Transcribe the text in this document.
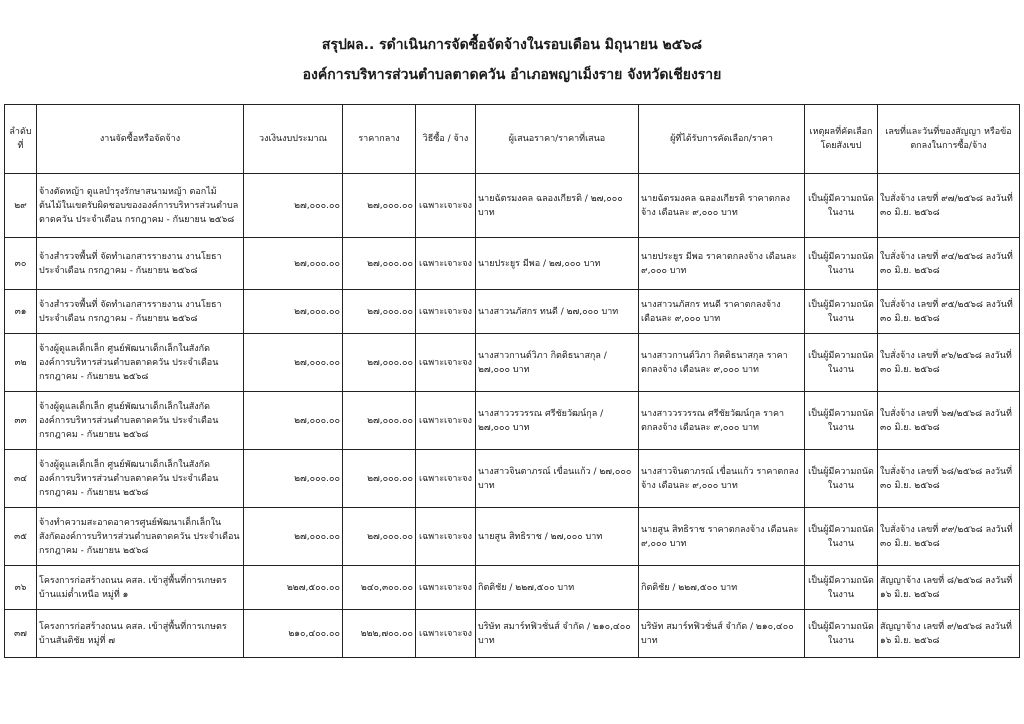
สรุปผล.. รดำเนินการจัดซื้อจัดจ้างในรอบเดือน มิถุนายน ๒๕๖๘
องค์การบริหารส่วนตำบลตาดควัน อำเภอพญาเม็งราย จังหวัดเชียงราย
ลำดับที่	งานจัดซื้อหรือจัดจ้าง	วงเงินงบประมาณ	ราคากลาง	วิธีซื้อ / จ้าง	ผู้เสนอราคา/ราคาที่เสนอ	ผู้ที่ได้รับการคัดเลือก/ราคา	เหตุผลที่คัดเลือก โดยสังเขป	เลขที่และวันที่ของสัญญา หรือข้อตกลงในการซื้อ/จ้าง
๒๙	จ้างตัดหญ้า ดูแลบำรุงรักษาสนามหญ้า ตอกไม้ ต้นไม้ในเขตรับผิดชอบขององค์การบริหารส่วนตำบลตาดควัน ประจำเดือน กรกฎาคม - กันยายน ๒๕๖๘	๒๗,๐๐๐.๐๐	๒๗,๐๐๐.๐๐	เฉพาะเจาะจง	นายฉัตรมงคล ฉลองเกียรติ / ๒๗,๐๐๐ บาท	นายฉัตรมงคล ฉลองเกียรติ ราคาตกลงจ้าง เดือนละ ๙,๐๐๐ บาท	เป็นผู้มีความถนัดในงาน	ใบสั่งจ้าง เลขที่ ๙๗/๒๕๖๘ ลงวันที่ ๓๐ มิ.ย. ๒๕๖๘
๓๐	จ้างสำรวจพื้นที่ จัดทำเอกสารรายงาน งานโยธา ประจำเดือน กรกฎาคม - กันยายน ๒๕๖๘	๒๗,๐๐๐.๐๐	๒๗,๐๐๐.๐๐	เฉพาะเจาะจง	นายประยูร มีพอ / ๒๗,๐๐๐ บาท	นายประยูร มีพอ ราคาตกลงจ้าง เดือนละ ๙,๐๐๐ บาท	เป็นผู้มีความถนัดในงาน	ใบสั่งจ้าง เลขที่ ๙๔/๒๕๖๘ ลงวันที่ ๓๐ มิ.ย. ๒๕๖๘
๓๑	จ้างสำรวจพื้นที่ จัดทำเอกสารรายงาน งานโยธา ประจำเดือน กรกฎาคม - กันยายน ๒๕๖๘	๒๗,๐๐๐.๐๐	๒๗,๐๐๐.๐๐	เฉพาะเจาะจง	นางสาวนภัสกร ทนดี / ๒๗,๐๐๐ บาท	นางสาวนภัสกร ทนดี ราคาตกลงจ้าง เดือนละ ๙,๐๐๐ บาท	เป็นผู้มีความถนัดในงาน	ใบสั่งจ้าง เลขที่ ๙๕/๒๕๖๘ ลงวันที่ ๓๐ มิ.ย. ๒๕๖๘
๓๒	จ้างผู้ดูแลเด็กเล็ก ศูนย์พัฒนาเด็กเล็กในสังกัดองค์การบริหารส่วนตำบลตาดควัน ประจำเดือน กรกฎาคม - กันยายน ๒๕๖๘	๒๗,๐๐๐.๐๐	๒๗,๐๐๐.๐๐	เฉพาะเจาะจง	นางสาวกานต์วิภา กิตติธนาสกุล / ๒๗,๐๐๐ บาท	นางสาวกานต์วิภา กิตติธนาสกุล ราคาตกลงจ้าง เดือนละ ๙,๐๐๐ บาท	เป็นผู้มีความถนัดในงาน	ใบสั่งจ้าง เลขที่ ๙๖/๒๕๖๘ ลงวันที่ ๓๐ มิ.ย. ๒๕๖๘
๓๓	จ้างผู้ดูแลเด็กเล็ก ศูนย์พัฒนาเด็กเล็กในสังกัดองค์การบริหารส่วนตำบลตาดควัน ประจำเดือน กรกฎาคม - กันยายน ๒๕๖๘	๒๗,๐๐๐.๐๐	๒๗,๐๐๐.๐๐	เฉพาะเจาะจง	นางสาววรวรรณ ศรีชัยวัฒน์กุล / ๒๗,๐๐๐ บาท	นางสาววรวรรณ ศรีชัยวัฒน์กุล ราคาตกลงจ้าง เดือนละ ๙,๐๐๐ บาท	เป็นผู้มีความถนัดในงาน	ใบสั่งจ้าง เลขที่ ๖๗/๒๕๖๘ ลงวันที่ ๓๐ มิ.ย. ๒๕๖๘
๓๔	จ้างผู้ดูแลเด็กเล็ก ศูนย์พัฒนาเด็กเล็กในสังกัดองค์การบริหารส่วนตำบลตาดควัน ประจำเดือน กรกฎาคม - กันยายน ๒๕๖๘	๒๗,๐๐๐.๐๐	๒๗,๐๐๐.๐๐	เฉพาะเจาะจง	นางสาวจินตาภรณ์ เขื่อนแก้ว / ๒๗,๐๐๐ บาท	นางสาวจินตาภรณ์ เขื่อนแก้ว ราคาตกลงจ้าง เดือนละ ๙,๐๐๐ บาท	เป็นผู้มีความถนัดในงาน	ใบสั่งจ้าง เลขที่ ๖๘/๒๕๖๘ ลงวันที่ ๓๐ มิ.ย. ๒๕๖๘
๓๕	จ้างทำความสะอาดอาคารศูนย์พัฒนาเด็กเล็กในสังกัดองค์การบริหารส่วนตำบลตาดควัน ประจำเดือน กรกฎาคม - กันยายน ๒๕๖๘	๒๗,๐๐๐.๐๐	๒๗,๐๐๐.๐๐	เฉพาะเจาะจง	นายสูน สิทธิราช / ๒๗,๐๐๐ บาท	นายสูน สิทธิราช ราคาตกลงจ้าง เดือนละ ๙,๐๐๐ บาท	เป็นผู้มีความถนัดในงาน	ใบสั่งจ้าง เลขที่ ๙๙/๒๕๖๘ ลงวันที่ ๓๐ มิ.ย. ๒๕๖๘
๓๖	โครงการก่อสร้างถนน คสล. เข้าสู่พื้นที่การเกษตร บ้านแม่ต๋ำเหนือ หมู่ที่ ๑	๒๒๗,๕๐๐.๐๐	๒๔๐,๓๐๐.๐๐	เฉพาะเจาะจง	กิตติชัย / ๒๒๗,๕๐๐ บาท	กิตติชัย / ๒๒๗,๕๐๐ บาท	เป็นผู้มีความถนัดในงาน	สัญญาจ้าง เลขที่ ๘/๒๕๖๘ ลงวันที่ ๑๖ มิ.ย. ๒๕๖๘
๓๗	โครงการก่อสร้างถนน คสล. เข้าสู่พื้นที่การเกษตร บ้านสันติชัย หมู่ที่ ๗	๒๑๐,๔๐๐.๐๐	๒๒๒,๗๐๐.๐๐	เฉพาะเจาะจง	บริษัท สมาร์ทฟิวชั่นส์ จำกัด / ๒๑๐,๔๐๐ บาท	บริษัท สมาร์ทฟิวชั่นส์ จำกัด / ๒๑๐,๔๐๐ บาท	เป็นผู้มีความถนัดในงาน	สัญญาจ้าง เลขที่ ๙/๒๕๖๘ ลงวันที่ ๑๖ มิ.ย. ๒๕๖๘
